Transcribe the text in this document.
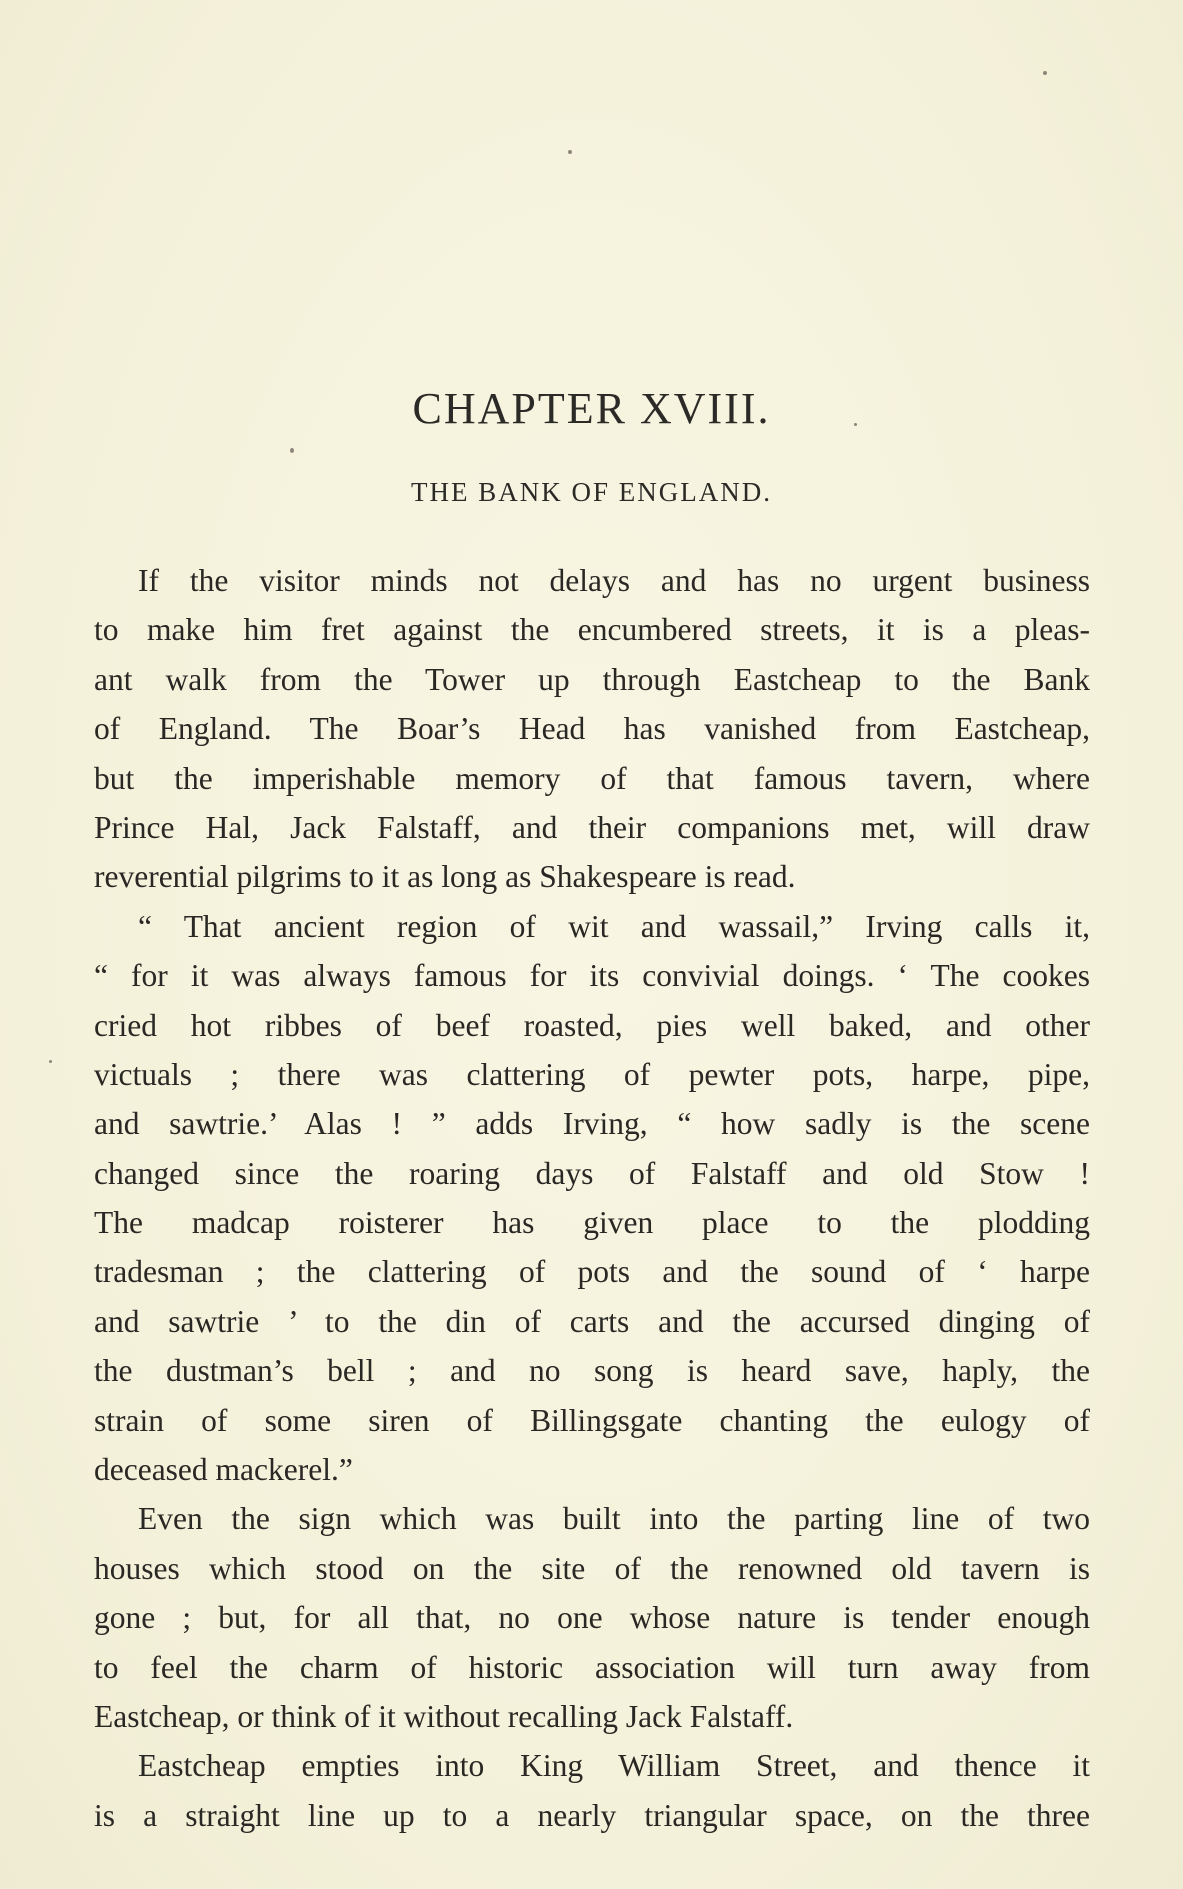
CHAPTER XVIII.
THE BANK OF ENGLAND.
If the visitor minds not delays and has no urgent business
to make him fret against the encumbered streets, it is a pleas-
ant walk from the Tower up through Eastcheap to the Bank
of England. The Boar’s Head has vanished from Eastcheap,
but the imperishable memory of that famous tavern, where
Prince Hal, Jack Falstaff, and their companions met, will draw
reverential pilgrims to it as long as Shakespeare is read.
“ That ancient region of wit and wassail,” Irving calls it,
“ for it was always famous for its convivial doings. ‘ The cookes
cried hot ribbes of beef roasted, pies well baked, and other
victuals ; there was clattering of pewter pots, harpe, pipe,
and sawtrie.’ Alas ! ” adds Irving, “ how sadly is the scene
changed since the roaring days of Falstaff and old Stow !
The madcap roisterer has given place to the plodding
tradesman ; the clattering of pots and the sound of ‘ harpe
and sawtrie ’ to the din of carts and the accursed dinging of
the dustman’s bell ; and no song is heard save, haply, the
strain of some siren of Billingsgate chanting the eulogy of
deceased mackerel.”
Even the sign which was built into the parting line of two
houses which stood on the site of the renowned old tavern is
gone ; but, for all that, no one whose nature is tender enough
to feel the charm of historic association will turn away from
Eastcheap, or think of it without recalling Jack Falstaff.
Eastcheap empties into King William Street, and thence it
is a straight line up to a nearly triangular space, on the three
